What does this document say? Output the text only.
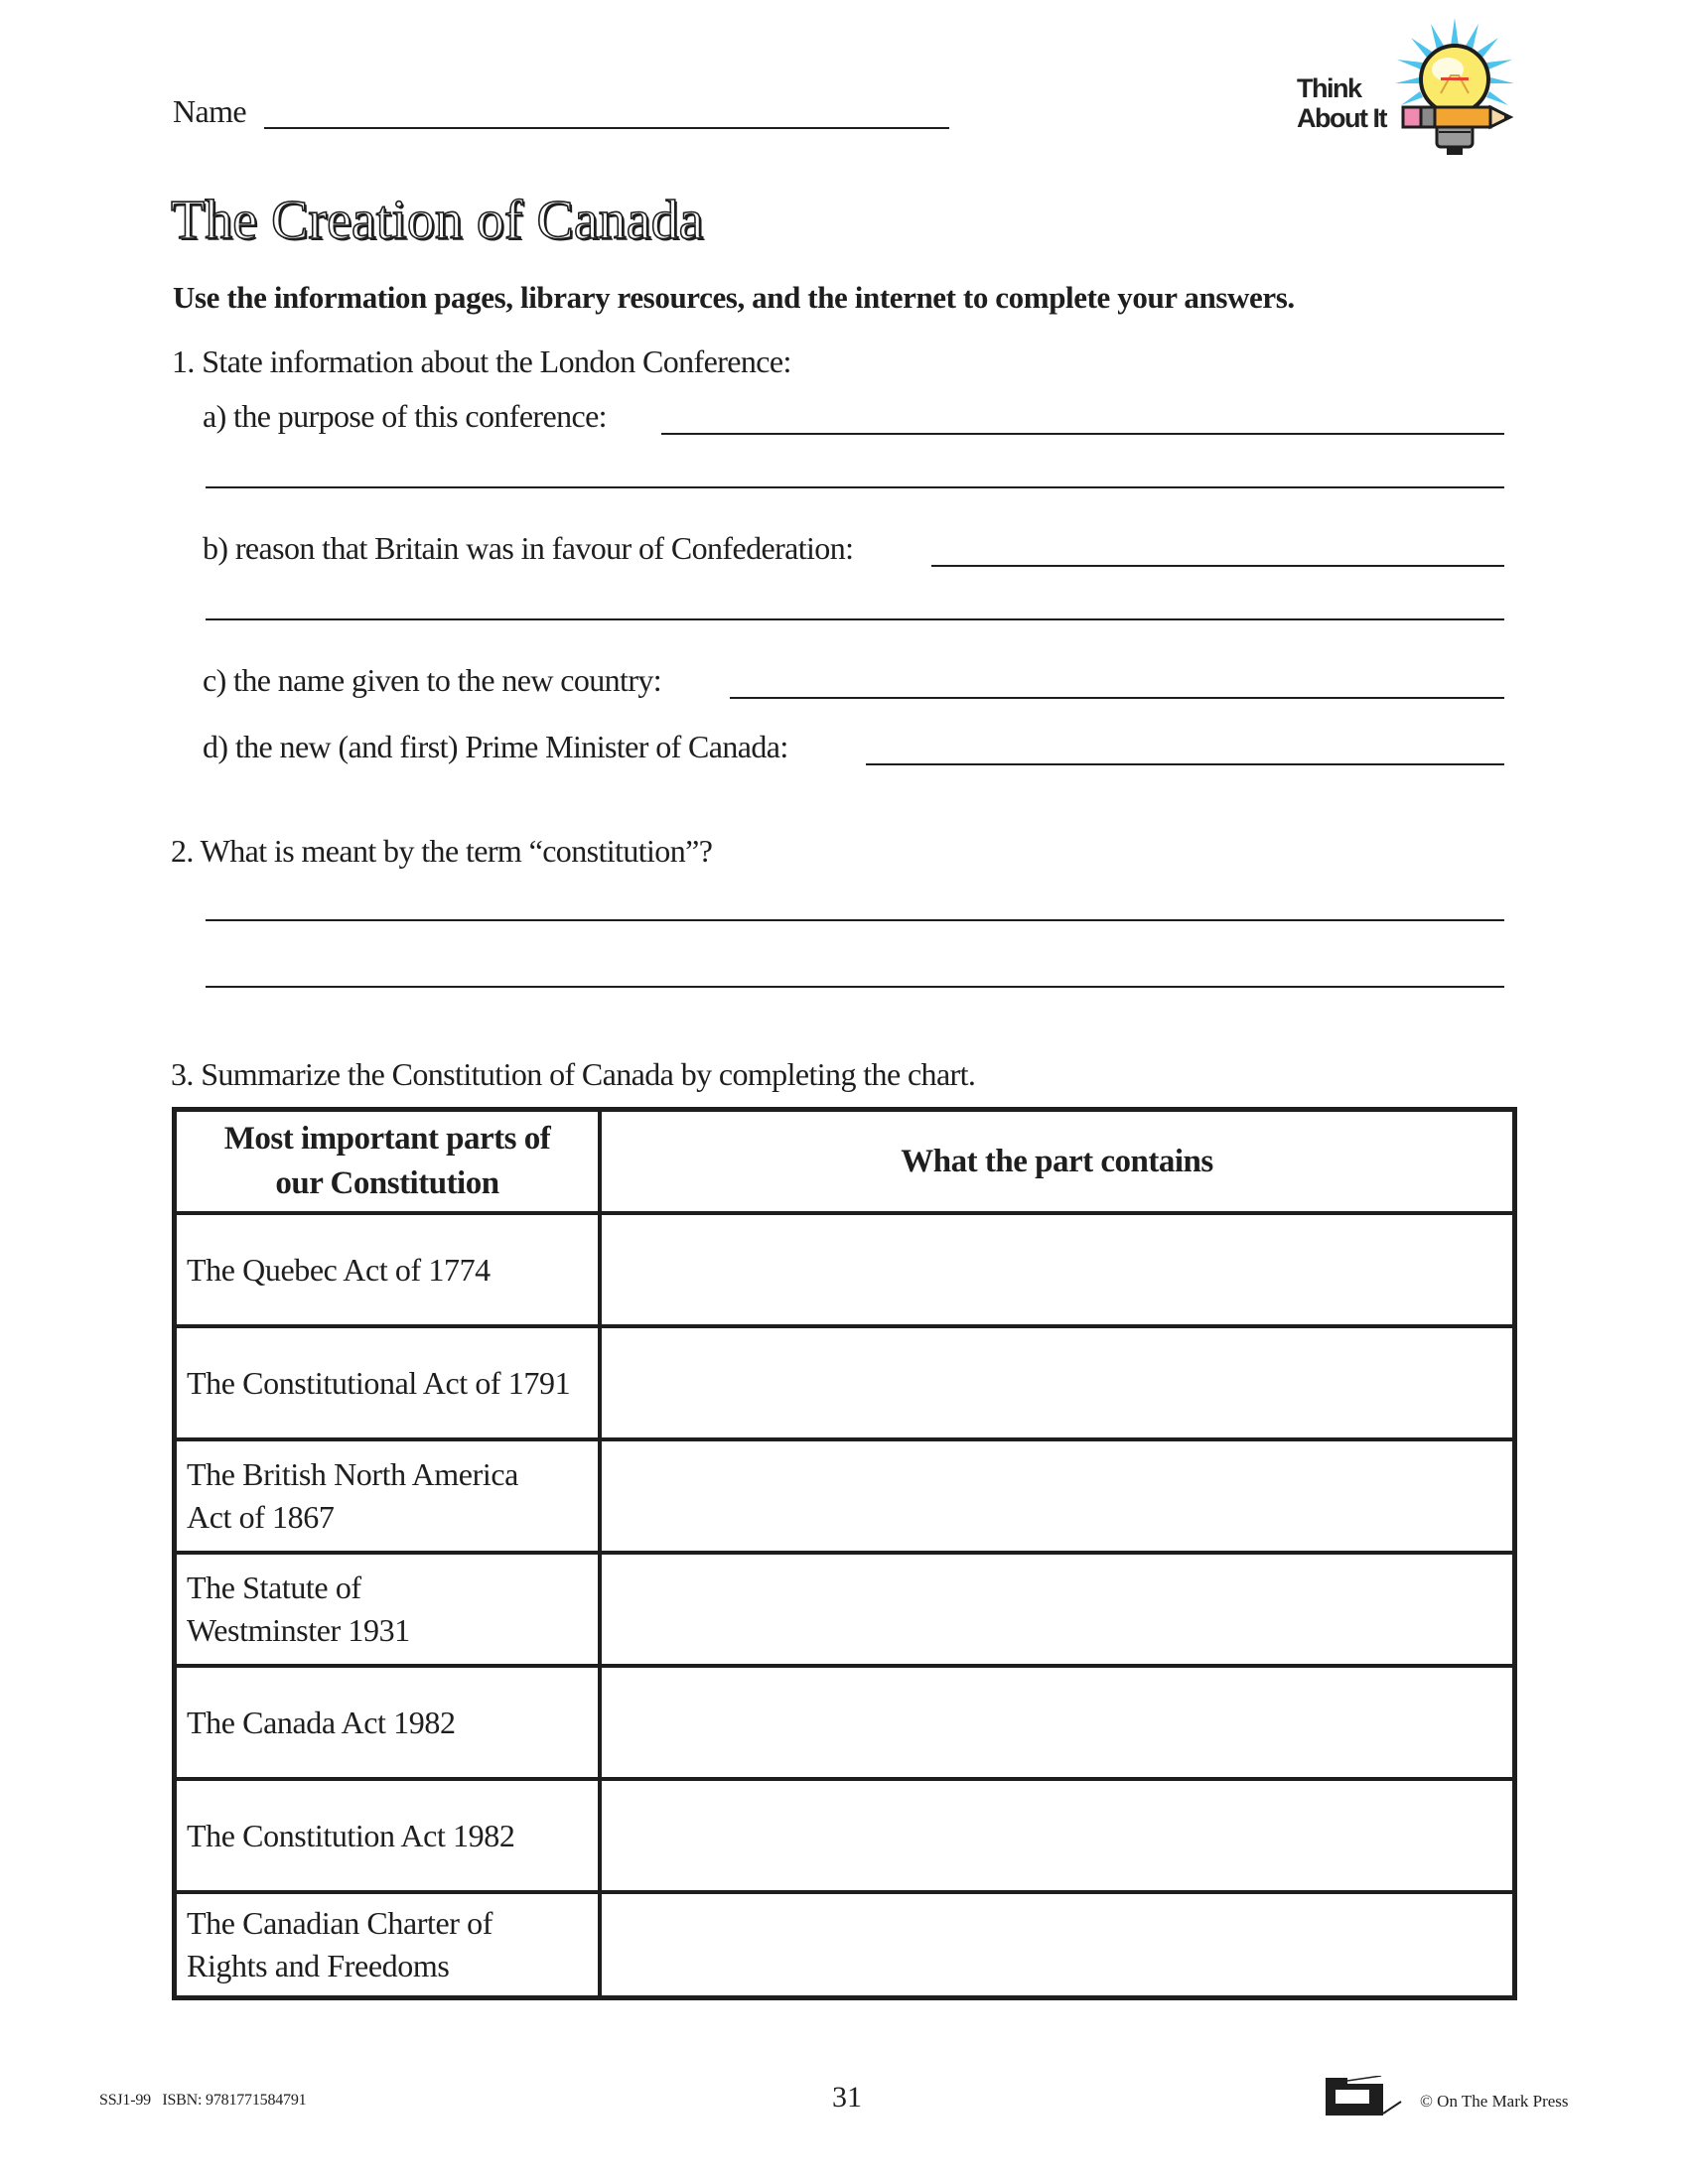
Name
Think
About It
The Creation of Canada
Use the information pages, library resources, and the internet to complete your answers.
1. State information about the London Conference:
a) the purpose of this conference:
b) reason that Britain was in favour of Confederation:
c) the name given to the new country:
d) the new (and first) Prime Minister of Canada:
2. What is meant by the term “constitution”?
3. Summarize the Constitution of Canada by completing the chart.
Most important parts of
our Constitution
What the part contains
The Quebec Act of 1774
The Constitutional Act of 1791
The British North America
Act of 1867
The Statute of
Westminster 1931
The Canada Act 1982
The Constitution Act 1982
The Canadian Charter of
Rights and Freedoms
SSJ1-99 ISBN: 9781771584791	31	© On The Mark Press
